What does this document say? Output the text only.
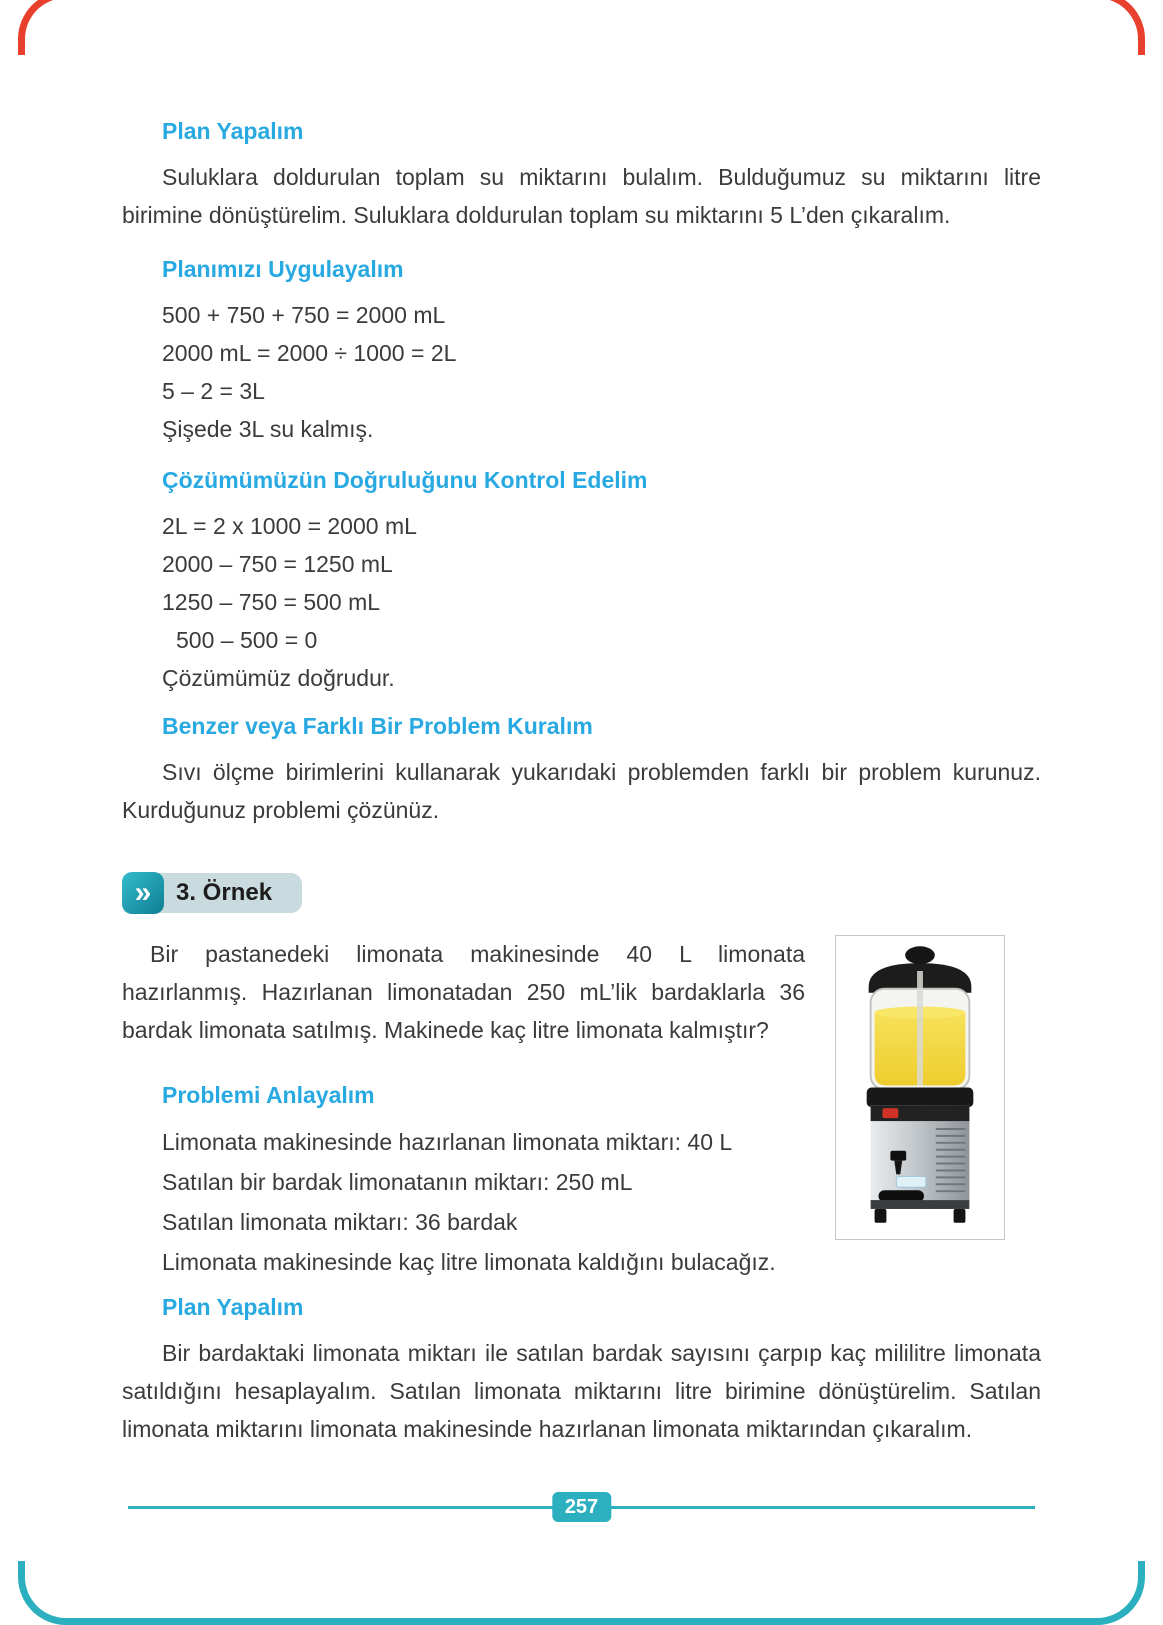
Plan Yapalım

Suluklara doldurulan toplam su miktarını bulalım. Bulduğumuz su miktarını litre birimine dönüştürelim. Suluklara doldurulan toplam su miktarını 5 L’den çıkaralım.

Planımızı Uygulayalım
500 + 750 + 750 = 2000 mL
2000 mL = 2000 ÷ 1000 = 2L
5 – 2 = 3L
Şişede 3L su kalmış.
Çözümümüzün Doğruluğunu Kontrol Edelim
2L = 2 x 1000 = 2000 mL
2000 – 750 = 1250 mL
1250 – 750 = 500 mL
500 – 500 = 0
Çözümümüz doğrudur.
Benzer veya Farklı Bir Problem Kuralım

Sıvı ölçme birimlerini kullanarak yukarıdaki problemden farklı bir problem kurunuz. Kurduğunuz problemi çözünüz.

»	3. Örnek

Bir pastanedeki limonata makinesinde 40 L limonata hazırlanmış. Hazırlanan limonatadan 250 mL’lik bardaklarla 36 bardak limonata satılmış. Makinede kaç litre limonata kalmıştır?

Problemi Anlayalım
Limonata makinesinde hazırlanan limonata miktarı: 40 L
Satılan bir bardak limonatanın miktarı: 250 mL
Satılan limonata miktarı: 36 bardak
Limonata makinesinde kaç litre limonata kaldığını bulacağız.
Plan Yapalım

Bir bardaktaki limonata miktarı ile satılan bardak sayısını çarpıp kaç mililitre limonata satıldığını hesaplayalım. Satılan limonata miktarını litre birimine dönüştürelim. Satılan limonata miktarını limonata makinesinde hazırlanan limonata miktarından çıkaralım.

257
